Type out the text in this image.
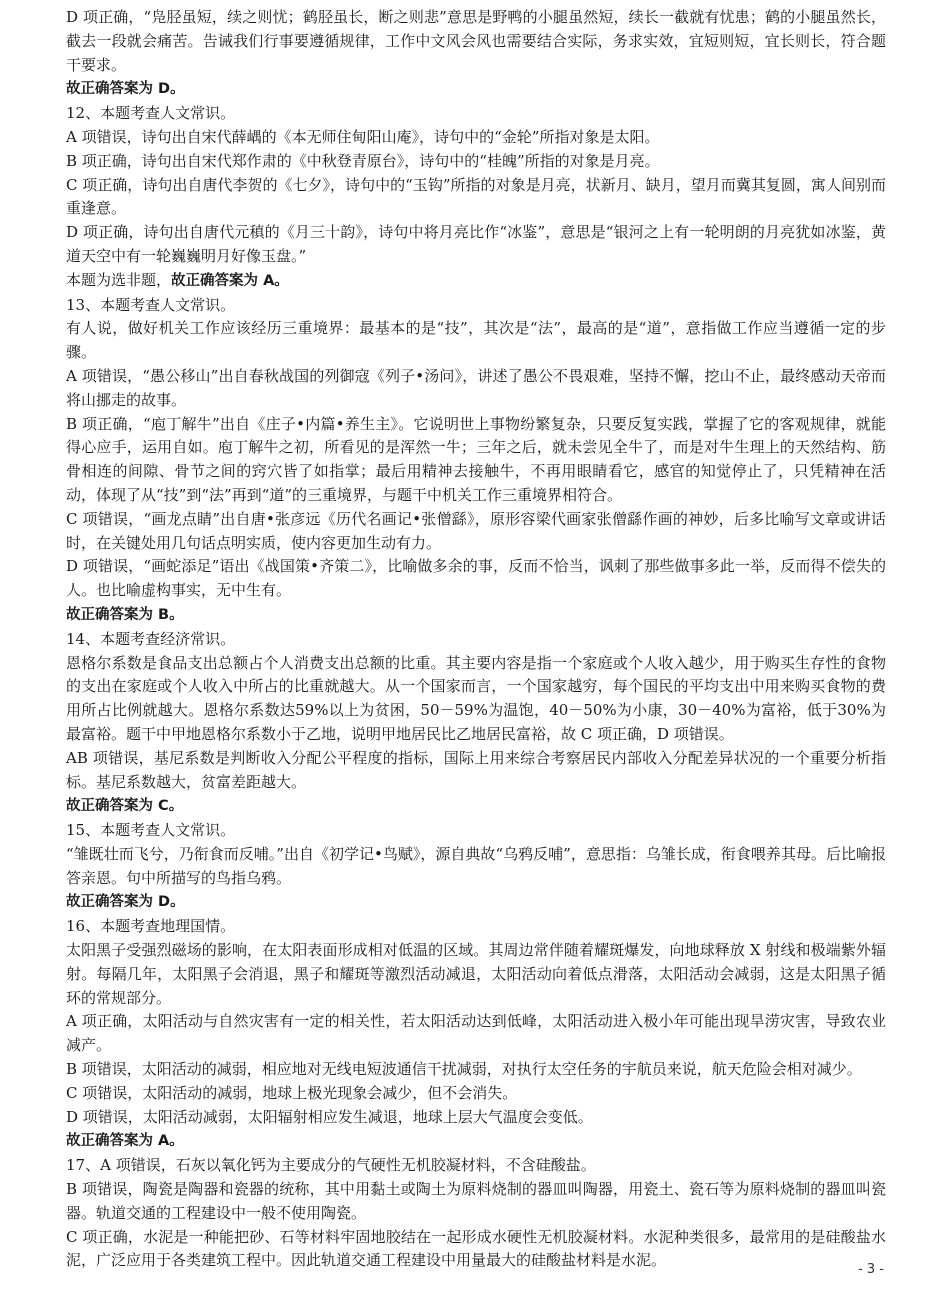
D 项正确，“凫胫虽短，续之则忧；鹤胫虽长，断之则悲”意思是野鸭的小腿虽然短，续长一截就有忧患；鹤的小腿虽然长，截去一段就会痛苦。告诫我们行事要遵循规律，工作中文风会风也需要结合实际，务求实效，宜短则短，宜长则长，符合题干要求。

故正确答案为 D。

12、本题考查人文常识。

A 项错误，诗句出自宋代薛嵎的《本无师住甸阳山庵》，诗句中的“金轮”所指对象是太阳。

B 项正确，诗句出自宋代郑作肃的《中秋登青原台》，诗句中的“桂魄”所指的对象是月亮。

C 项正确，诗句出自唐代李贺的《七夕》，诗句中的“玉钩”所指的对象是月亮，状新月、缺月，望月而冀其复圆，寓人间别而重逢意。

D 项正确，诗句出自唐代元稹的《月三十韵》，诗句中将月亮比作“冰鉴”，意思是“银河之上有一轮明朗的月亮犹如冰鉴，黄道天空中有一轮巍巍明月好像玉盘。”

本题为选非题，故正确答案为 A。

13、本题考查人文常识。

有人说，做好机关工作应该经历三重境界：最基本的是“技”，其次是“法”，最高的是“道”，意指做工作应当遵循一定的步骤。

A 项错误，“愚公移山”出自春秋战国的列御寇《列子•汤问》，讲述了愚公不畏艰难，坚持不懈，挖山不止，最终感动天帝而将山挪走的故事。

B 项正确，“庖丁解牛”出自《庄子•内篇•养生主》。它说明世上事物纷繁复杂，只要反复实践，掌握了它的客观规律，就能得心应手，运用自如。庖丁解牛之初，所看见的是浑然一牛；三年之后，就未尝见全牛了，而是对牛生理上的天然结构、筋骨相连的间隙、骨节之间的窍穴皆了如指掌；最后用精神去接触牛，不再用眼睛看它，感官的知觉停止了，只凭精神在活动，体现了从“技”到“法”再到“道”的三重境界，与题干中机关工作三重境界相符合。

C 项错误，“画龙点睛”出自唐•张彦远《历代名画记•张僧繇》，原形容梁代画家张僧繇作画的神妙，后多比喻写文章或讲话时，在关键处用几句话点明实质，使内容更加生动有力。

D 项错误，“画蛇添足”语出《战国策•齐策二》，比喻做多余的事，反而不恰当，讽刺了那些做事多此一举，反而得不偿失的人。也比喻虚构事实，无中生有。

故正确答案为 B。

14、本题考查经济常识。

恩格尔系数是食品支出总额占个人消费支出总额的比重。其主要内容是指一个家庭或个人收入越少，用于购买生存性的食物的支出在家庭或个人收入中所占的比重就越大。从一个国家而言，一个国家越穷，每个国民的平均支出中用来购买食物的费用所占比例就越大。恩格尔系数达59%以上为贫困，50－59%为温饱，40－50%为小康，30－40%为富裕，低于30%为最富裕。题干中甲地恩格尔系数小于乙地，说明甲地居民比乙地居民富裕，故 C 项正确，D 项错误。

AB 项错误，基尼系数是判断收入分配公平程度的指标，国际上用来综合考察居民内部收入分配差异状况的一个重要分析指标。基尼系数越大，贫富差距越大。

故正确答案为 C。

15、本题考查人文常识。

“雏既壮而飞兮，乃衔食而反哺。”出自《初学记•鸟赋》，源自典故“乌鸦反哺”，意思指：乌雏长成，衔食喂养其母。后比喻报答亲恩。句中所描写的鸟指乌鸦。

故正确答案为 D。

16、本题考查地理国情。

太阳黑子受强烈磁场的影响，在太阳表面形成相对低温的区域。其周边常伴随着耀斑爆发，向地球释放 X 射线和极端紫外辐射。每隔几年，太阳黑子会消退，黑子和耀斑等激烈活动减退，太阳活动向着低点滑落，太阳活动会减弱，这是太阳黑子循环的常规部分。

A 项正确，太阳活动与自然灾害有一定的相关性，若太阳活动达到低峰，太阳活动进入极小年可能出现旱涝灾害，导致农业减产。

B 项错误，太阳活动的减弱，相应地对无线电短波通信干扰减弱，对执行太空任务的宇航员来说，航天危险会相对减少。

C 项错误，太阳活动的减弱，地球上极光现象会减少，但不会消失。

D 项错误，太阳活动减弱，太阳辐射相应发生减退，地球上层大气温度会变低。

故正确答案为 A。

17、A 项错误，石灰以氧化钙为主要成分的气硬性无机胶凝材料，不含硅酸盐。

B 项错误，陶瓷是陶器和瓷器的统称，其中用黏土或陶土为原料烧制的器皿叫陶器，用瓷土、瓷石等为原料烧制的器皿叫瓷器。轨道交通的工程建设中一般不使用陶瓷。

C 项正确，水泥是一种能把砂、石等材料牢固地胶结在一起形成水硬性无机胶凝材料。水泥种类很多，最常用的是硅酸盐水泥，广泛应用于各类建筑工程中。因此轨道交通工程建设中用量最大的硅酸盐材料是水泥。

- 3 -
